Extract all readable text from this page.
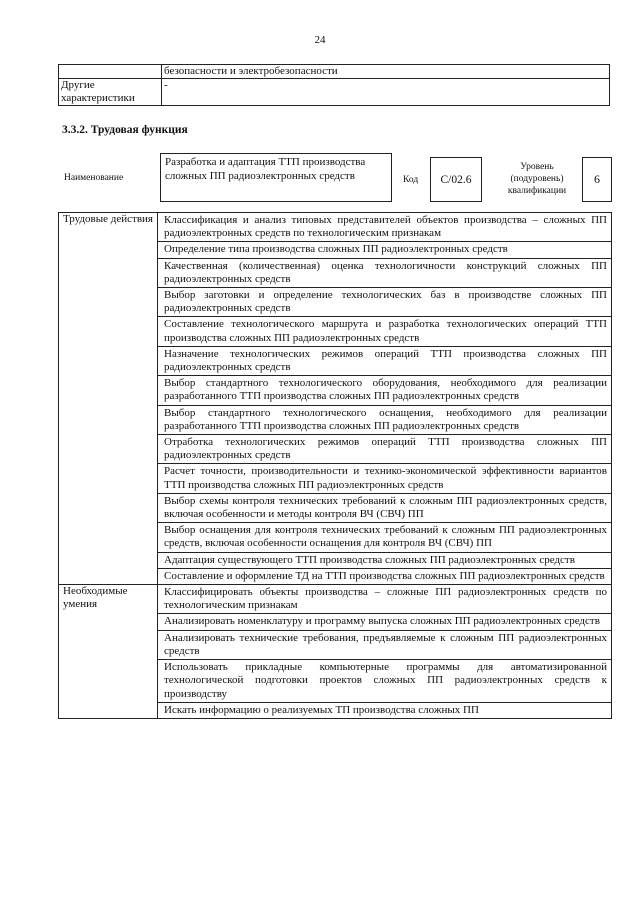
24
	безопасности и электробезопасности
Другие характеристики	-
3.3.2. Трудовая функция
Наименование
Разработка и адаптация ТТП производства сложных ПП радиоэлектронных средств	Код	C/02.6
Уровень (подуровень) квалификации
6
Трудовые действия	Классификация и анализ типовых представителей объектов производства – сложных ПП радиоэлектронных средств по технологическим признакам
	Определение типа производства сложных ПП радиоэлектронных средств
	Качественная (количественная) оценка технологичности конструкций сложных ПП радиоэлектронных средств
	Выбор заготовки и определение технологических баз в производстве сложных ПП радиоэлектронных средств
	Составление технологического маршрута и разработка технологических операций ТТП производства сложных ПП радиоэлектронных средств
	Назначение технологических режимов операций ТТП производства сложных ПП радиоэлектронных средств
	Выбор стандартного технологического оборудования, необходимого для реализации разработанного ТТП производства сложных ПП радиоэлектронных средств
	Выбор стандартного технологического оснащения, необходимого для реализации разработанного ТТП производства сложных ПП радиоэлектронных средств
	Отработка технологических режимов операций ТТП производства сложных ПП радиоэлектронных средств
	Расчет точности, производительности и технико-экономической эффективности вариантов ТТП производства сложных ПП радиоэлектронных средств
	Выбор схемы контроля технических требований к сложным ПП радиоэлектронных средств, включая особенности и методы контроля ВЧ (СВЧ) ПП
	Выбор оснащения для контроля технических требований к сложным ПП радиоэлектронных средств, включая особенности оснащения для контроля ВЧ (СВЧ) ПП
	Адаптация существующего ТТП производства сложных ПП радиоэлектронных средств
	Составление и оформление ТД на ТТП производства сложных ПП радиоэлектронных средств
Необходимые умения	Классифицировать объекты производства – сложные ПП радиоэлектронных средств по технологическим признакам
	Анализировать номенклатуру и программу выпуска сложных ПП радиоэлектронных средств
	Анализировать технические требования, предъявляемые к сложным ПП радиоэлектронных средств
	Использовать прикладные компьютерные программы для автоматизированной технологической подготовки проектов сложных ПП радиоэлектронных средств к производству
	Искать информацию о реализуемых ТП производства сложных ПП
